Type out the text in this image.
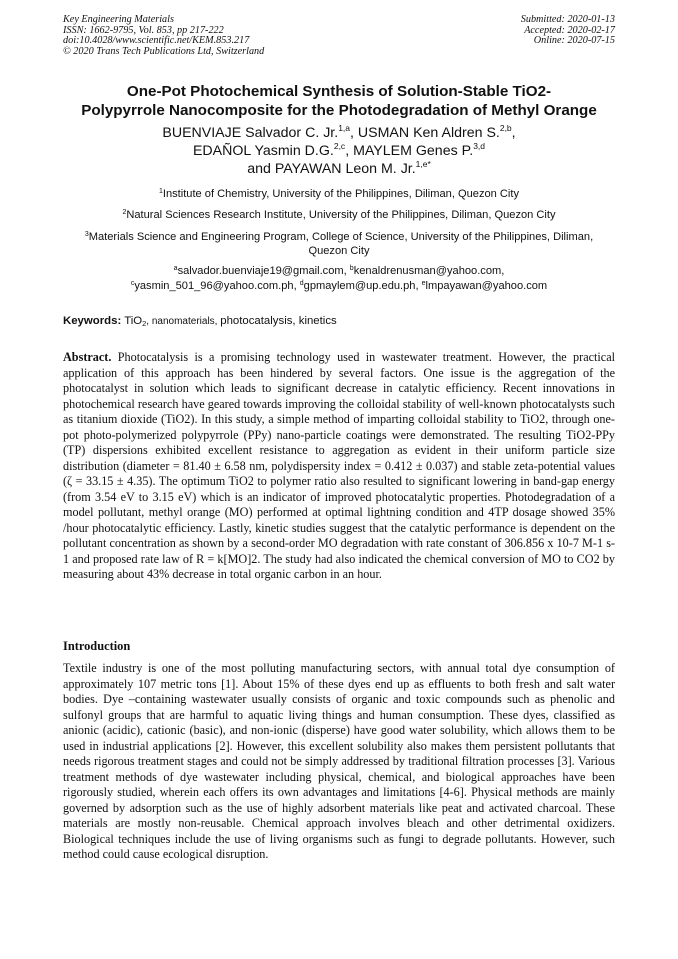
Key Engineering Materials
ISSN: 1662-9795, Vol. 853, pp 217-222
doi:10.4028/www.scientific.net/KEM.853.217
© 2020 Trans Tech Publications Ltd, Switzerland
Submitted: 2020-01-13
Accepted: 2020-02-17
Online: 2020-07-15
One-Pot Photochemical Synthesis of Solution-Stable TiO2-
Polypyrrole Nanocomposite for the Photodegradation of Methyl Orange
BUENVIAJE Salvador C. Jr.$^{1,a}$, USMAN Ken Aldren S.$^{2,b}$,
EDAÑOL Yasmin D.G.$^{2,c}$, MAYLEM Genes P.$^{3,d}$
and PAYAWAN Leon M. Jr.$^{1,e*}$
$^1$Institute of Chemistry, University of the Philippines, Diliman, Quezon City
$^2$Natural Sciences Research Institute, University of the Philippines, Diliman, Quezon City
$^3$Materials Science and Engineering Program, College of Science, University of the Philippines, Diliman, Quezon City
$^a$salvador.buenviaje19@gmail.com, $^b$kenaldrenusman@yahoo.com,
$^c$yasmin_501_96@yahoo.com.ph, $^d$gpmaylem@up.edu.ph, $^e$lmpayawan@yahoo.com
Keywords: TiO$_2$, nanomaterials, photocatalysis, kinetics
Abstract. Photocatalysis is a promising technology used in wastewater treatment. However, the practical application of this approach has been hindered by several factors. One issue is the aggregation of the photocatalyst in solution which leads to significant decrease in catalytic efficiency. Recent innovations in photochemical research have geared towards improving the colloidal stability of well-known photocatalysts such as titanium dioxide (TiO2). In this study, a simple method of imparting colloidal stability to TiO2, through one-pot photo-polymerized polypyrrole (PPy) nano-particle coatings were demonstrated. The resulting TiO2-PPy (TP) dispersions exhibited excellent resistance to aggregation as evident in their uniform particle size distribution (diameter = 81.40 ± 6.58 nm, polydispersity index = 0.412 ± 0.037) and stable zeta-potential values (ζ = 33.15 ± 4.35). The optimum TiO2 to polymer ratio also resulted to significant lowering in band-gap energy (from 3.54 eV to 3.15 eV) which is an indicator of improved photocatalytic properties. Photodegradation of a model pollutant, methyl orange (MO) performed at optimal lightning condition and 4TP dosage showed 35% /hour photocatalytic efficiency. Lastly, kinetic studies suggest that the catalytic performance is dependent on the pollutant concentration as shown by a second-order MO degradation with rate constant of 306.856 x 10-7 M-1 s-1 and proposed rate law of R = k[MO]2. The study had also indicated the chemical conversion of MO to CO2 by measuring about 43% decrease in total organic carbon in an hour.
Introduction
Textile industry is one of the most polluting manufacturing sectors, with annual total dye consumption of approximately 107 metric tons [1]. About 15% of these dyes end up as effluents to both fresh and salt water bodies. Dye –containing wastewater usually consists of organic and toxic compounds such as phenolic and sulfonyl groups that are harmful to aquatic living things and human consumption. These dyes, classified as anionic (acidic), cationic (basic), and non-ionic (disperse) have good water solubility, which allows them to be used in industrial applications [2]. However, this excellent solubility also makes them persistent pollutants that needs rigorous treatment stages and could not be simply addressed by traditional filtration processes [3]. Various treatment methods of dye wastewater including physical, chemical, and biological approaches have been rigorously studied, wherein each offers its own advantages and limitations [4-6]. Physical methods are mainly governed by adsorption such as the use of highly adsorbent materials like peat and activated charcoal. These materials are mostly non-reusable. Chemical approach involves bleach and other detrimental oxidizers. Biological techniques include the use of living organisms such as fungi to degrade pollutants. However, such method could cause ecological disruption.
